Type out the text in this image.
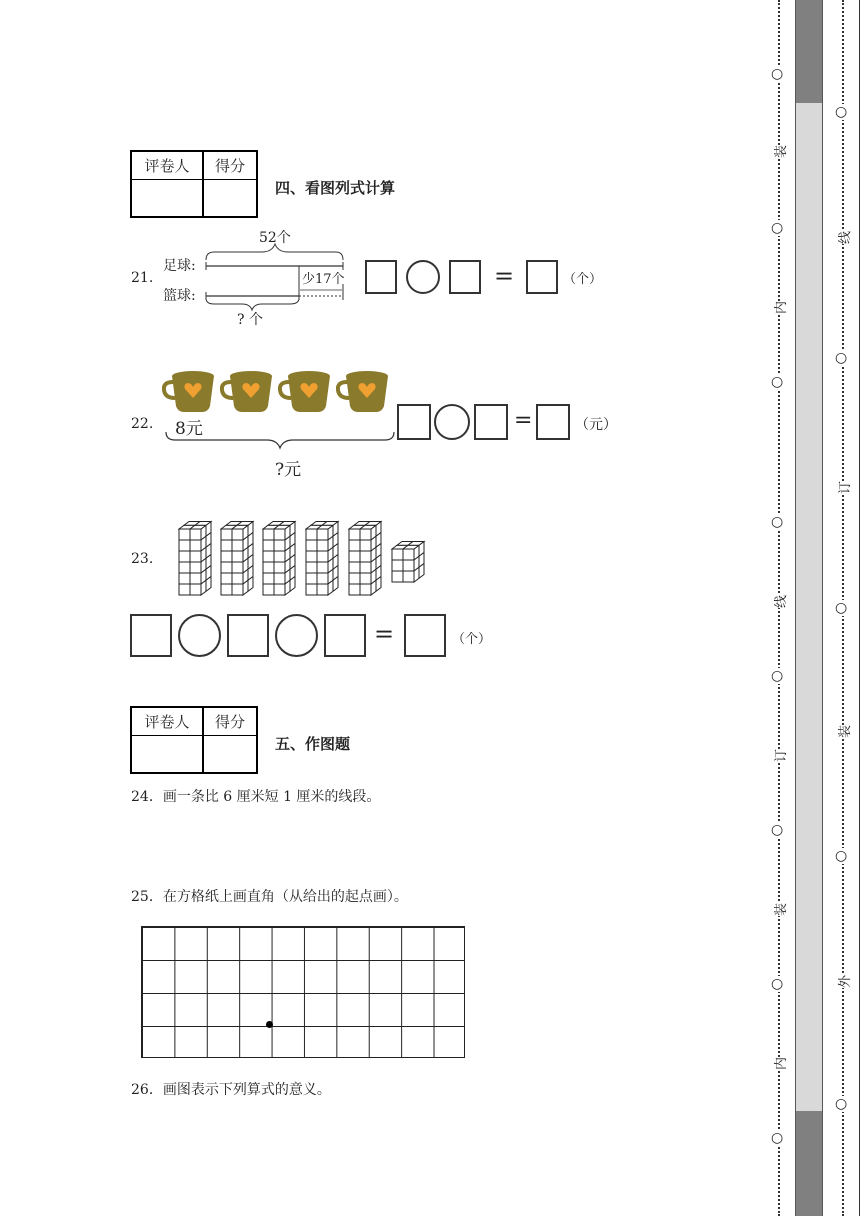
评卷人	得分
四、看图列式计算
21.
足球:
篮球:
52个
少17个
? 个
=	（个）
22. 8元
?元
=	（元）
23.
=	（个）
评卷人	得分
五、作图题
24．画一条比 6 厘米短 1 厘米的线段。
25．在方格纸上画直角（从给出的起点画）。
26．画图表示下列算式的意义。
○
装
○
内
○
○
线
○
订
○
装
○
内
○
○
线
○
订
○
装
○
外
○
